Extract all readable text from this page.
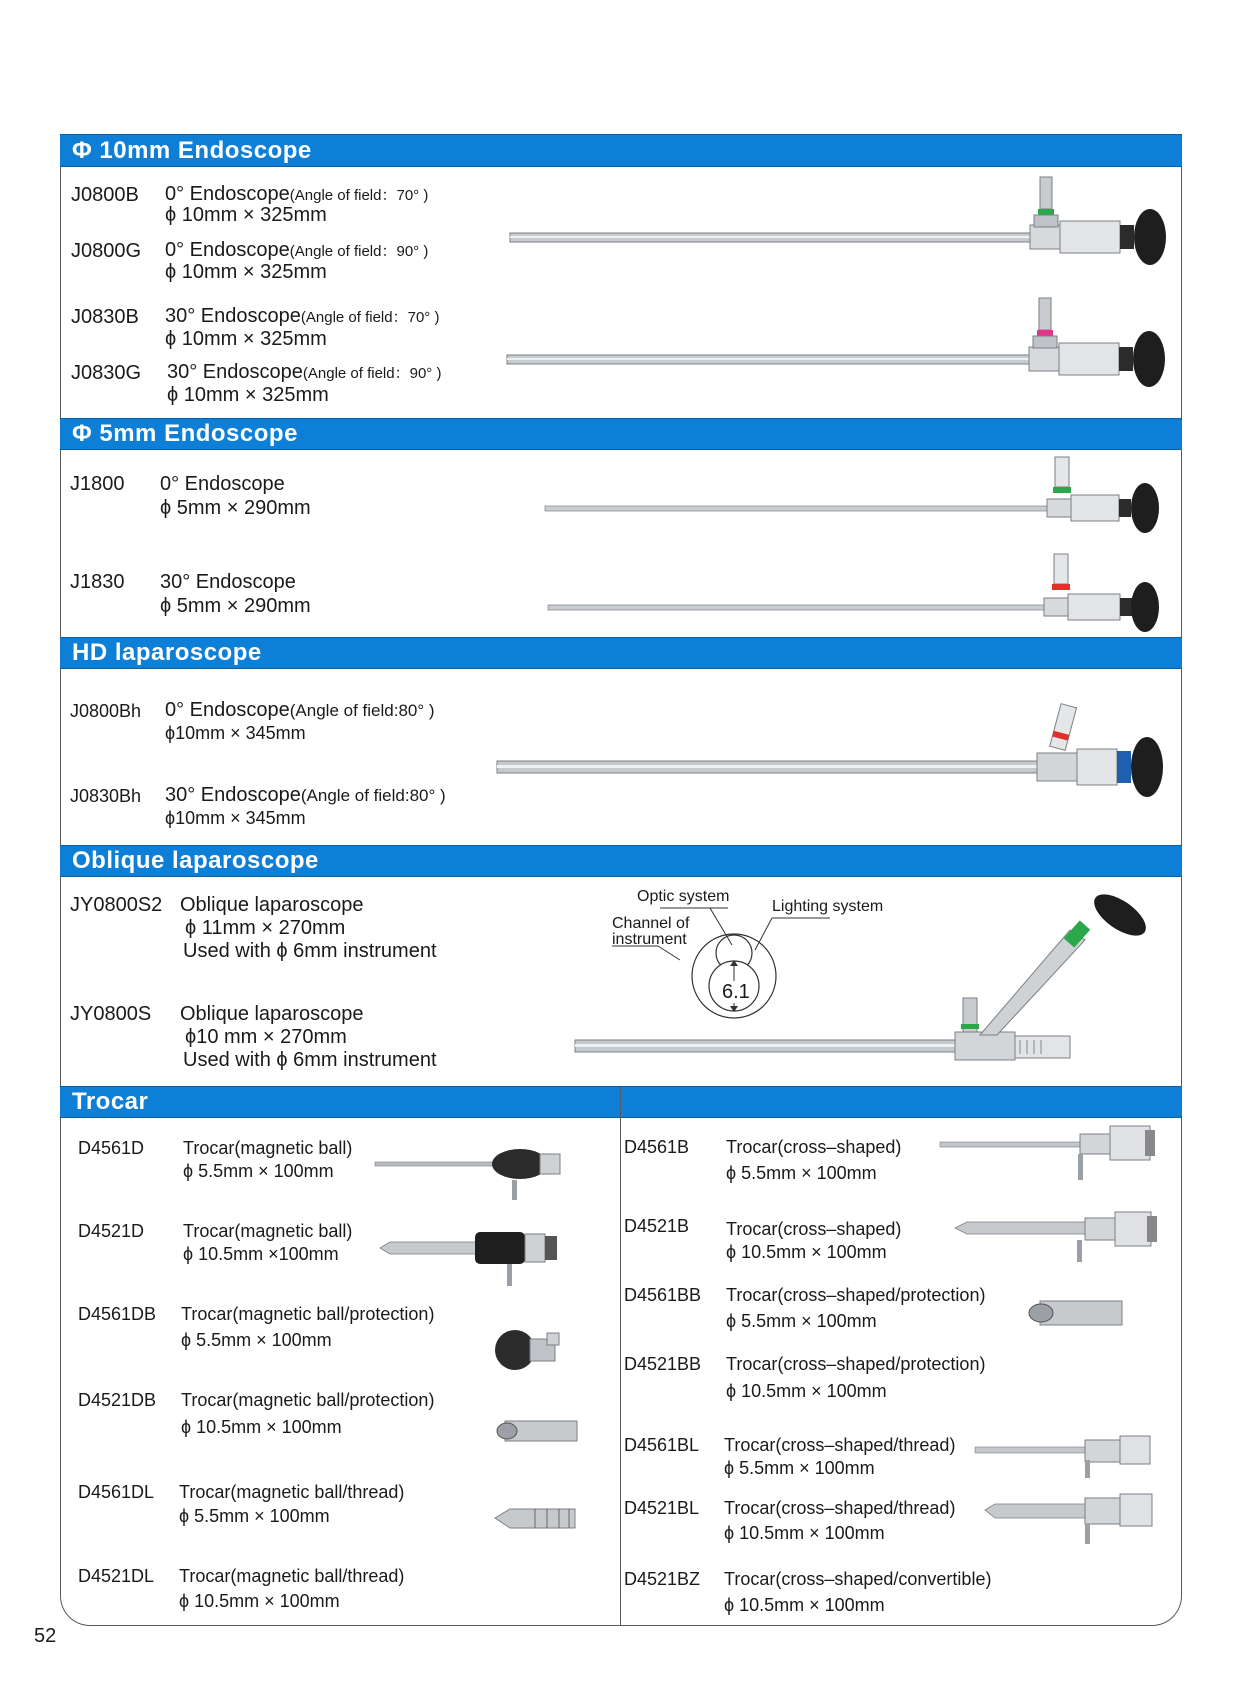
Φ 10mm Endoscope
Φ 5mm Endoscope
HD laparoscope
Oblique laparoscope
Trocar
J0800B 0° Endoscope(Angle of field：70° )
ϕ 10mm × 325mm
J0800G 0° Endoscope(Angle of field：90° )
ϕ 10mm × 325mm
J0830B 30° Endoscope(Angle of field：70° )
ϕ 10mm × 325mm
J0830G 30° Endoscope(Angle of field：90° )
ϕ 10mm × 325mm
J1800 0° Endoscope
ϕ 5mm × 290mm
J1830 30° Endoscope
ϕ 5mm × 290mm
J0800Bh 0° Endoscope(Angle of field:80° )
ϕ10mm × 345mm
J0830Bh 30° Endoscope(Angle of field:80° )
ϕ10mm × 345mm
JY0800S2 Oblique laparoscope
ϕ 11mm × 270mm
Used with ϕ 6mm instrument
JY0800S Oblique laparoscope
ϕ10 mm × 270mm
Used with ϕ 6mm instrument
Optic system
Lighting system
Channel of
instrument
6.1
D4561D Trocar(magnetic ball)
ϕ 5.5mm × 100mm
D4521D Trocar(magnetic ball)
ϕ 10.5mm ×100mm
D4561DB Trocar(magnetic ball/protection)
ϕ 5.5mm × 100mm
D4521DB Trocar(magnetic ball/protection)
ϕ 10.5mm × 100mm
D4561DL Trocar(magnetic ball/thread)
ϕ 5.5mm × 100mm
D4521DL Trocar(magnetic ball/thread)
ϕ 10.5mm × 100mm
D4561B Trocar(cross–shaped)
ϕ 5.5mm × 100mm
D4521B Trocar(cross–shaped)
ϕ 10.5mm × 100mm
D4561BB Trocar(cross–shaped/protection)
ϕ 5.5mm × 100mm
D4521BB Trocar(cross–shaped/protection)
ϕ 10.5mm × 100mm
D4561BL Trocar(cross–shaped/thread)
ϕ 5.5mm × 100mm
D4521BL Trocar(cross–shaped/thread)
ϕ 10.5mm × 100mm
D4521BZ Trocar(cross–shaped/convertible)
ϕ 10.5mm × 100mm
52
